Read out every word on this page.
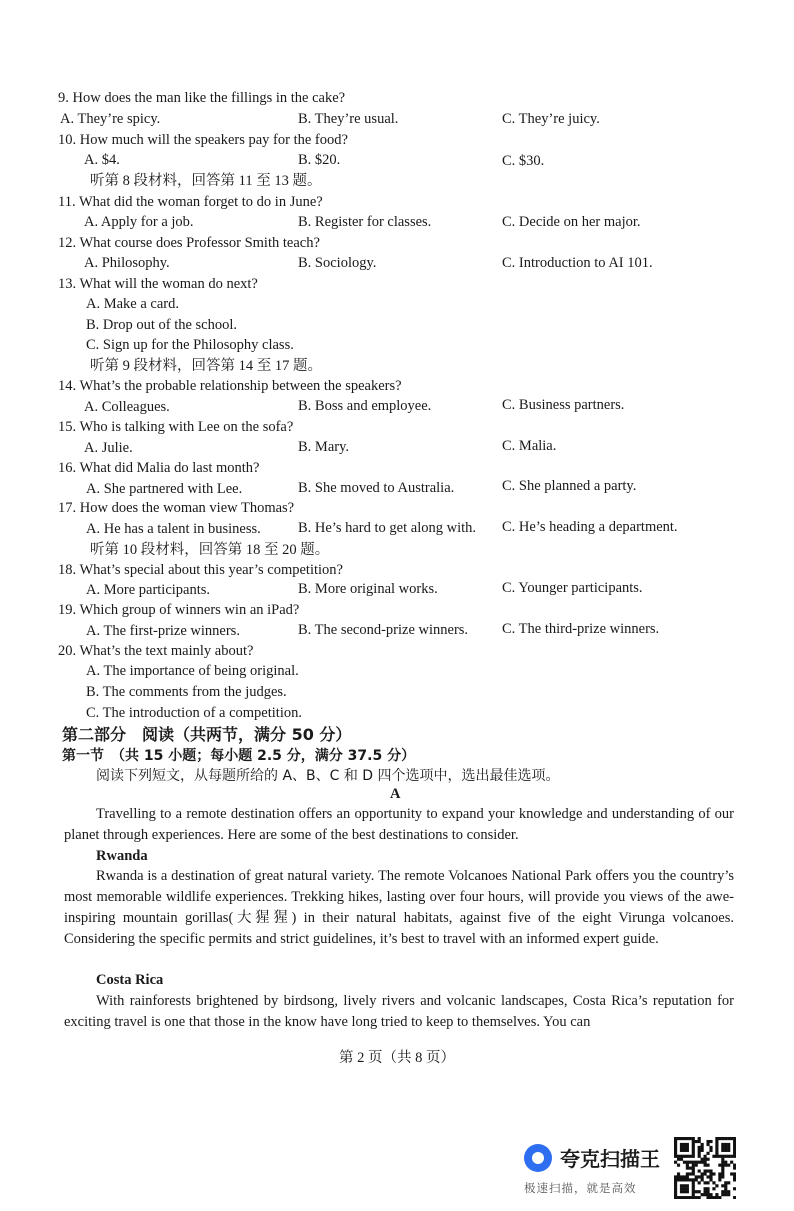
9. How does the man like the fillings in the cake?
A. They’re spicy.	B. They’re usual.	C. They’re juicy.
10. How much will the speakers pay for the food?
A. $4.	B. $20.	C. $30.
听第 8 段材料，回答第 11 至 13 题。
11. What did the woman forget to do in June?
A. Apply for a job.	B. Register for classes.	C. Decide on her major.
12. What course does Professor Smith teach?
A. Philosophy.	B. Sociology.	C. Introduction to AI 101.
13. What will the woman do next?
A. Make a card.
B. Drop out of the school.
C. Sign up for the Philosophy class.
听第 9 段材料，回答第 14 至 17 题。
14. What’s the probable relationship between the speakers?
A. Colleagues.	B. Boss and employee.	C. Business partners.
15. Who is talking with Lee on the sofa?
A. Julie.	B. Mary.	C. Malia.
16. What did Malia do last month?
A. She partnered with Lee.	B. She moved to Australia.	C. She planned a party.
17. How does the woman view Thomas?
A. He has a talent in business.	B. He’s hard to get along with. C. He’s heading a department.
听第 10 段材料，回答第 18 至 20 题。
18. What’s special about this year’s competition?
A. More participants.	B. More original works.	C. Younger participants.
19. Which group of winners win an iPad?
A. The first-prize winners.	B. The second-prize winners. C. The third-prize winners.
20. What’s the text mainly about?
A. The importance of being original.
B. The comments from the judges.
C. The introduction of a competition.
第二部分　阅读（共两节，满分 50 分）
第一节　（共 15 小题；每小题 2.5 分，满分 37.5 分）
阅读下列短文，从每题所给的 A、B、C 和 D 四个选项中，选出最佳选项。
A
Travelling to a remote destination offers an opportunity to expand your knowledge and understanding of our planet through experiences. Here are some of the best destinations to consider.
Rwanda
Rwanda is a destination of great natural variety. The remote Volcanoes National Park offers you the country’s most memorable wildlife experiences. Trekking hikes, lasting over four hours, will provide you views of the awe-inspiring mountain gorillas(大猩猩) in their natural habitats, against five of the eight Virunga volcanoes. Considering the specific permits and strict guidelines, it’s best to travel with an informed expert guide.
Costa Rica
With rainforests brightened by birdsong, lively rivers and volcanic landscapes, Costa Rica’s reputation for exciting travel is one that those in the know have long tried to keep to themselves. You can
第 2 页（共 8 页）
夸克扫描王
极速扫描，就是高效
